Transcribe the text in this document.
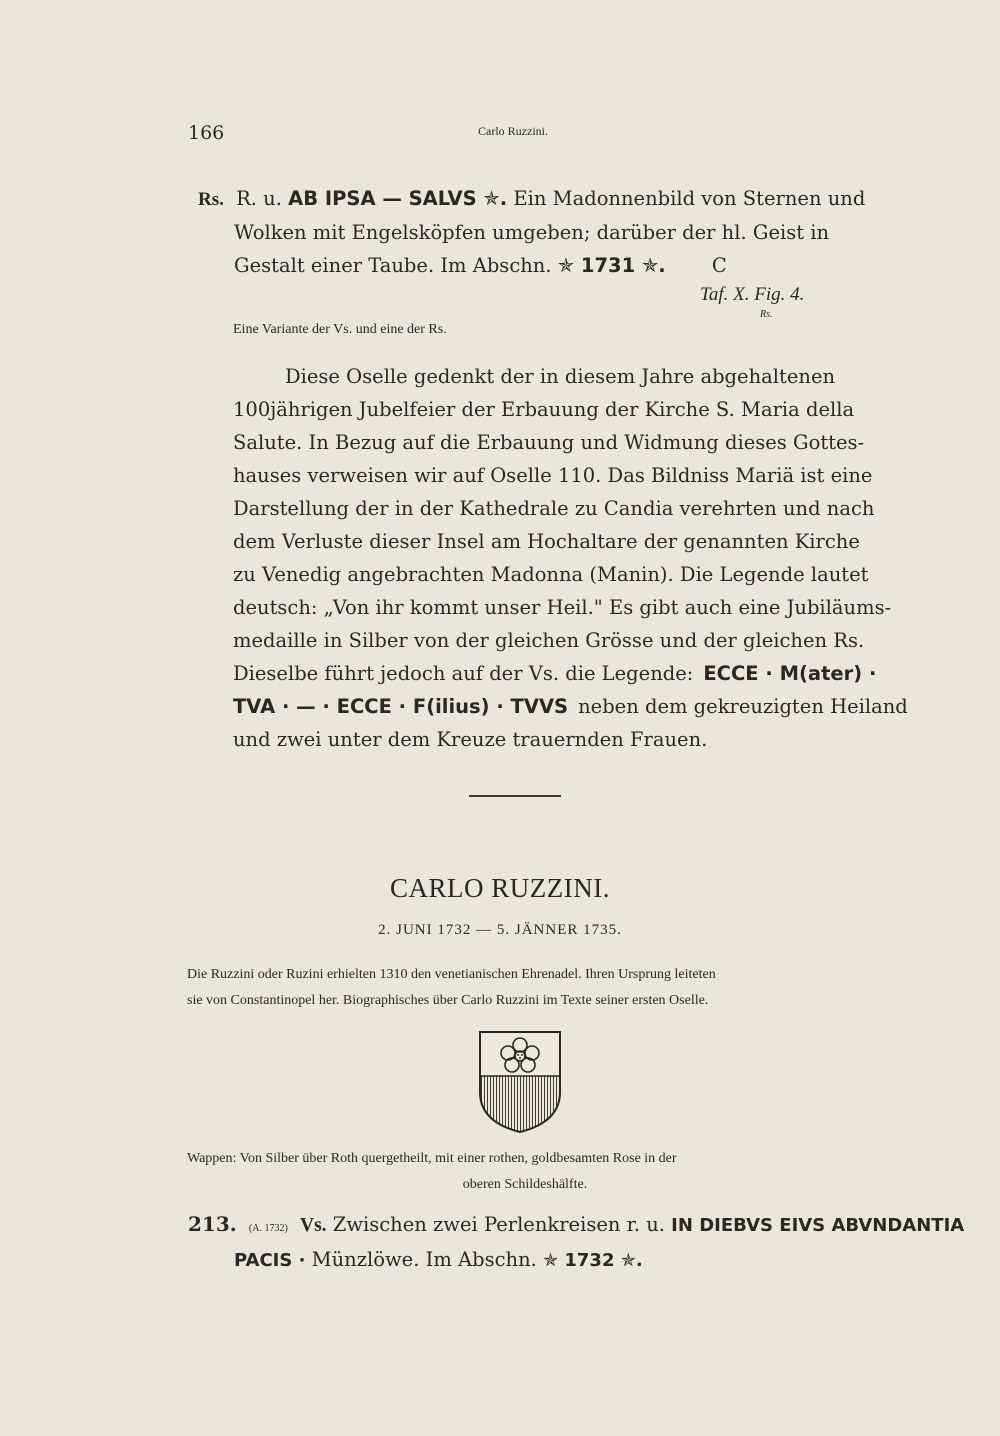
166	Carlo Ruzzini.
Rs. R. u. AB IPSA — SALVS ✯. Ein Madonnenbild von Sternen und
Wolken mit Engelsköpfen umgeben; darüber der hl. Geist in
Gestalt einer Taube. Im Abschn. ✯ 1731 ✯. C
Taf. X. Fig. 4.
Rs.
Eine Variante der Vs. und eine der Rs.
Diese Oselle gedenkt der in diesem Jahre abgehaltenen
100jährigen Jubelfeier der Erbauung der Kirche S. Maria della
Salute. In Bezug auf die Erbauung und Widmung dieses Gottes-
hauses verweisen wir auf Oselle 110. Das Bildniss Mariä ist eine
Darstellung der in der Kathedrale zu Candia verehrten und nach
dem Verluste dieser Insel am Hochaltare der genannten Kirche
zu Venedig angebrachten Madonna (Manin). Die Legende lautet
deutsch: „Von ihr kommt unser Heil." Es gibt auch eine Jubiläums-
medaille in Silber von der gleichen Grösse und der gleichen Rs.
Dieselbe führt jedoch auf der Vs. die Legende: ECCE · M(ater) ·
TVA · — · ECCE · F(ilius) · TVVS neben dem gekreuzigten Heiland
und zwei unter dem Kreuze trauernden Frauen.
CARLO RUZZINI.
2. JUNI 1732 — 5. JÄNNER 1735.
Die Ruzzini oder Ruzini erhielten 1310 den venetianischen Ehrenadel. Ihren Ursprung leiteten
sie von Constantinopel her. Biographisches über Carlo Ruzzini im Texte seiner ersten Oselle.
Wappen: Von Silber über Roth quergetheilt, mit einer rothen, goldbesamten Rose in der
oberen Schildeshälfte.
213. (A. 1732) Vs. Zwischen zwei Perlenkreisen r. u. IN DIEBVS EIVS ABVNDANTIA
PACIS · Münzlöwe. Im Abschn. ✯ 1732 ✯.
